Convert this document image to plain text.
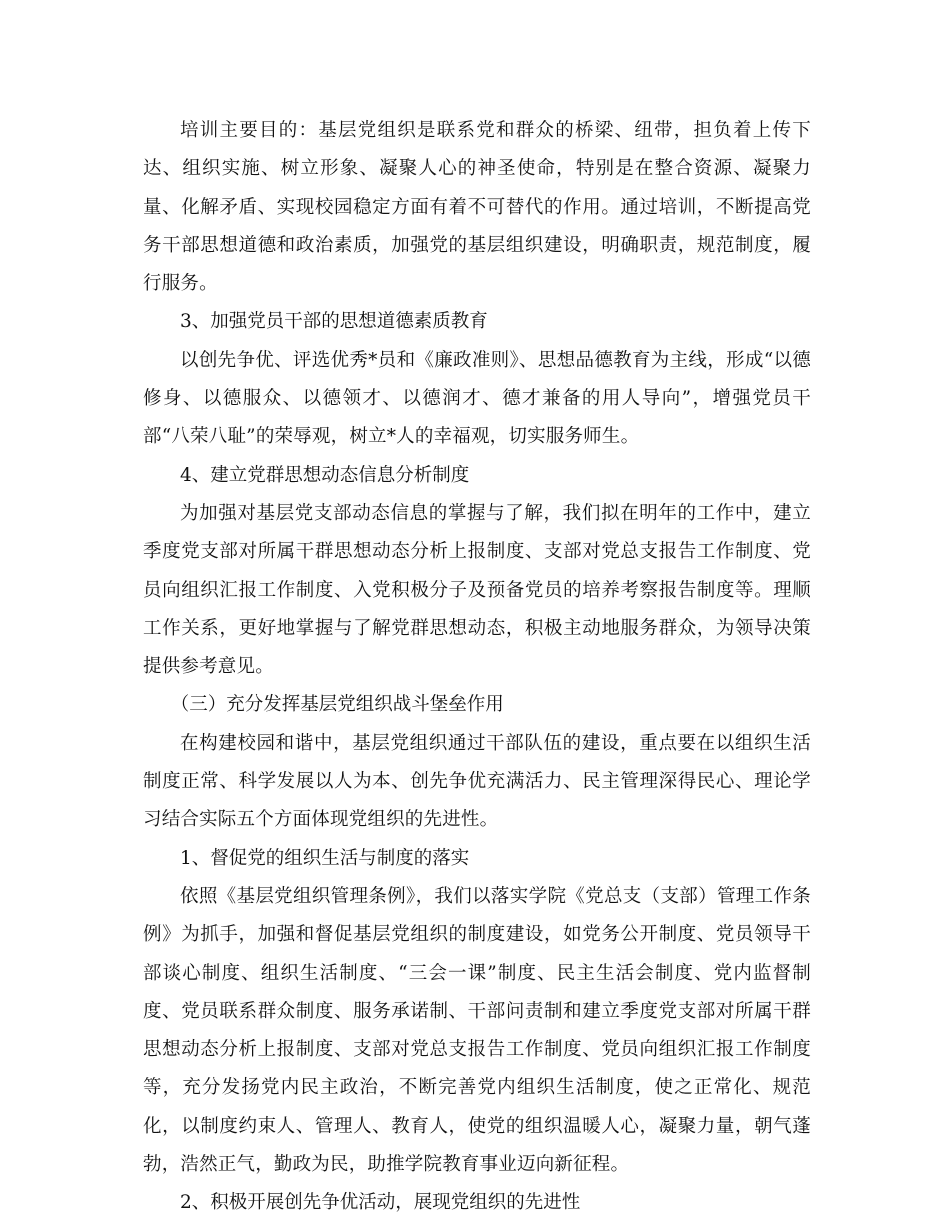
培训主要目的：基层党组织是联系党和群众的桥梁、纽带，担负着上传下达、组织实施、树立形象、凝聚人心的神圣使命，特别是在整合资源、凝聚力量、化解矛盾、实现校园稳定方面有着不可替代的作用。通过培训，不断提高党务干部思想道德和政治素质，加强党的基层组织建设，明确职责，规范制度，履行服务。

3、加强党员干部的思想道德素质教育

以创先争优、评选优秀*员和《廉政准则》、思想品德教育为主线，形成“以德修身、以德服众、以德领才、以德润才、德才兼备的用人导向”，增强党员干部“八荣八耻”的荣辱观，树立*人的幸福观，切实服务师生。

4、建立党群思想动态信息分析制度

为加强对基层党支部动态信息的掌握与了解，我们拟在明年的工作中，建立季度党支部对所属干群思想动态分析上报制度、支部对党总支报告工作制度、党员向组织汇报工作制度、入党积极分子及预备党员的培养考察报告制度等。理顺工作关系，更好地掌握与了解党群思想动态，积极主动地服务群众，为领导决策提供参考意见。

（三）充分发挥基层党组织战斗堡垒作用

在构建校园和谐中，基层党组织通过干部队伍的建设，重点要在以组织生活制度正常、科学发展以人为本、创先争优充满活力、民主管理深得民心、理论学习结合实际五个方面体现党组织的先进性。

1、督促党的组织生活与制度的落实

依照《基层党组织管理条例》，我们以落实学院《党总支（支部）管理工作条例》为抓手，加强和督促基层党组织的制度建设，如党务公开制度、党员领导干部谈心制度、组织生活制度、“三会一课”制度、民主生活会制度、党内监督制度、党员联系群众制度、服务承诺制、干部问责制和建立季度党支部对所属干群思想动态分析上报制度、支部对党总支报告工作制度、党员向组织汇报工作制度等，充分发扬党内民主政治，不断完善党内组织生活制度，使之正常化、规范化，以制度约束人、管理人、教育人，使党的组织温暖人心，凝聚力量，朝气蓬勃，浩然正气，勤政为民，助推学院教育事业迈向新征程。

2、积极开展创先争优活动，展现党组织的先进性
